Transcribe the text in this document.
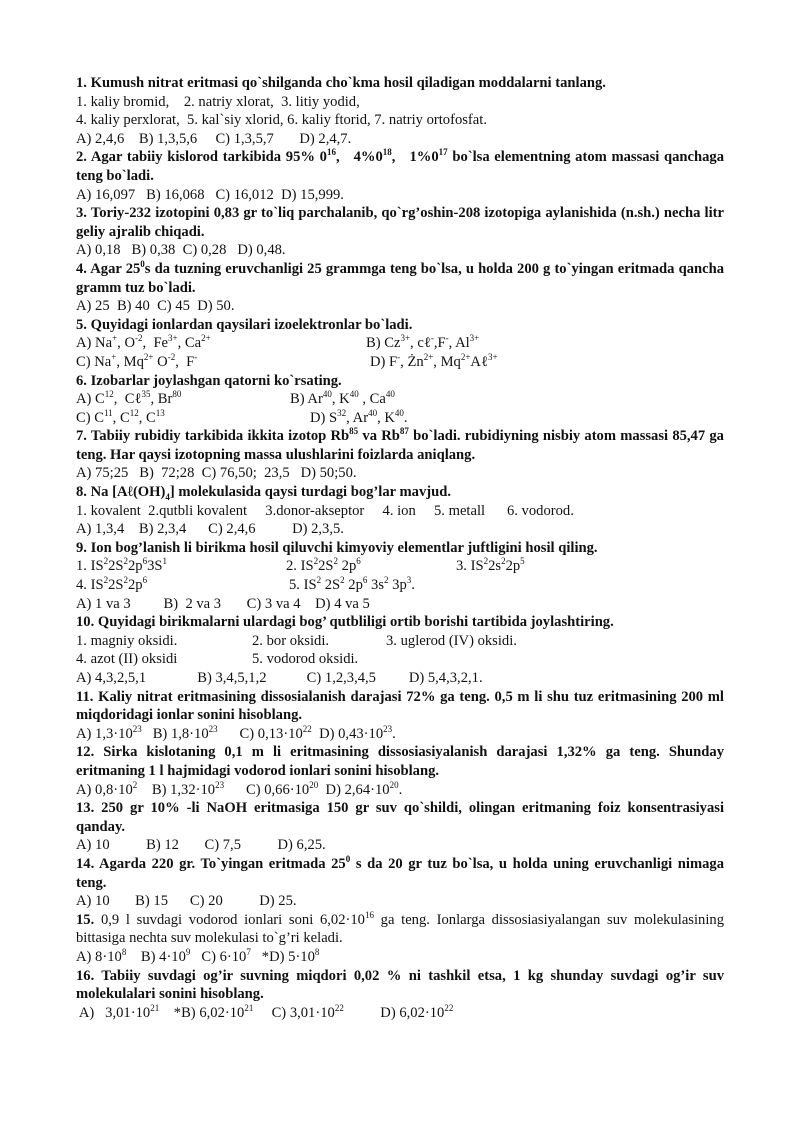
1. Kumush nitrat eritmasi qo`shilganda cho`kma hosil qiladigan moddalarni tanlang.

1. kaliy bromid,    2. natriy xlorat,  3. litiy yodid,

4. kaliy perxlorat,  5. kal`siy xlorid, 6. kaliy ftorid, 7. natriy ortofosfat.

A) 2,4,6    B) 1,3,5,6     C) 1,3,5,7       D) 2,4,7.

2. Agar tabiiy kislorod tarkibida 95% $0^{16}$,   $4\%0^{18}$,   $1\%0^{17}$ bo`lsa elementning atom massasi qanchaga teng bo`ladi.

A) 16,097   B) 16,068   C) 16,012  D) 15,999.

3. Toriy-232 izotopini 0,83 gr to`liq parchalanib, qo`rg’oshin-208 izotopiga aylanishida (n.sh.) necha litr geliy ajralib chiqadi.

A) 0,18   B) 0,38  C) 0,28   D) 0,48.

4. Agar $25^0s$ da tuzning eruvchanligi 25 grammga teng bo`lsa, u holda 200 g to`yingan eritmada qancha gramm tuz bo`ladi.

A) 25  B) 40  C) 45  D) 50.

5. Quyidagi ionlardan qaysilari izoelektronlar bo`ladi.

A) Na+, $O^{-2}$,  $Fe^{3+}$, $Ca^{2+}$	B) $Cz^{3+}$, cℓ-,F-, $Al^{3+}$
C) Na+, $Mq^{2+}$ $O^{-2}$,  F-	D) F-, $Żn^{2+}$, $Mq^{2+}A\ell^{3+}$

6. Izobarlar joylashgan qatorni ko`rsating.

A) $C^{12}$,  Cℓ$^{35}$, Br$^{80}$	B) Ar$^{40}$, $K^{40}$ , Ca$^{40}$
C) $C^{11}$, $C^{12}$, $C^{13}$	D) $S^{32}$, Ar$^{40}$, $K^{40}$.

7. Tabiiy rubidiy tarkibida ikkita izotop Rb$^{85}$ va Rb$^{87}$ bo`ladi. rubidiyning nisbiy atom massasi 85,47 ga teng. Har qaysi izotopning massa ulushlarini foizlarda aniqlang.

A) 75;25   B)  72;28  C) 76,50;  23,5   D) 50;50.

8. Na $[A\ell(OH)_4]$ molekulasida qaysi turdagi bog’lar mavjud.

1. kovalent  2.qutbli kovalent     3.donor-akseptor     4. ion     5. metall      6. vodorod.

A) 1,3,4    B) 2,3,4      C) 2,4,6          D) 2,3,5.

9. Ion bog’lanish li birikma hosil qiluvchi kimyoviy elementlar juftligini hosil qiling.

1. $IS^22S^22p^63S^1$	2. $IS^22S^2$ $2p^6$	3. $IS^22s^22p^5$
4. $IS^22S^22p^6$	5. $IS^2$ $2S^2$ $2p^6$ $3s^2$ $3p^3$.

A) 1 va 3         B)  2 va 3       C) 3 va 4    D) 4 va 5

10. Quyidagi birikmalarni ulardagi bog’ qutbliligi ortib borishi tartibida joylashtiring.

1. magniy oksidi.	2. bor oksidi.	3. uglerod (IV) oksidi.
4. azot (II) oksidi	5. vodorod oksidi.

A) 4,3,2,5,1              B) 3,4,5,1,2           C) 1,2,3,4,5         D) 5,4,3,2,1.

11. Kaliy nitrat eritmasining dissosialanish darajasi 72% ga teng. 0,5 m li shu tuz eritmasining 200 ml miqdoridagi ionlar sonini hisoblang.

A) $1,3\cdot 10^{23}$   B) $1,8\cdot 10^{23}$      C) $0,13\cdot 10^{22}$  D) $0,43\cdot 10^{23}$.

12. Sirka kislotaning 0,1 m li eritmasining dissosiasiyalanish darajasi 1,32% ga teng. Shunday eritmaning 1 l hajmidagi vodorod ionlari sonini hisoblang.

A) $0,8\cdot 10^2$    B) $1,32\cdot 10^{23}$      C) $0,66\cdot 10^{20}$  D) $2,64\cdot 10^{20}$.

13. 250 gr 10% -li NaOH eritmasiga 150 gr suv qo`shildi, olingan eritmaning foiz konsentrasiyasi qanday.

A) 10          B) 12       C) 7,5          D) 6,25.

14. Agarda 220 gr. To`yingan eritmada $25^0$ s da 20 gr tuz bo`lsa, u holda uning eruvchanligi nimaga teng.

A) 10       B) 15      C) 20          D) 25.

15. 0,9 l suvdagi vodorod ionlari soni $6,02\cdot 10^{16}$ ga teng. Ionlarga dissosiasiyalangan suv molekulasining bittasiga nechta suv molekulasi to`g’ri keladi.

A) $8\cdot 10^8$    B) $4\cdot 10^9$   C) $6\cdot 10^7$   *D) $5\cdot 10^8$

16. Tabiiy suvdagi og’ir suvning miqdori 0,02 % ni tashkil etsa, 1 kg shunday suvdagi og’ir suv molekulalari sonini hisoblang.

A)   $3,01\cdot 10^{21}$    *B) $6,02\cdot 10^{21}$     C) $3,01\cdot 10^{22}$          D) $6,02\cdot 10^{22}$
